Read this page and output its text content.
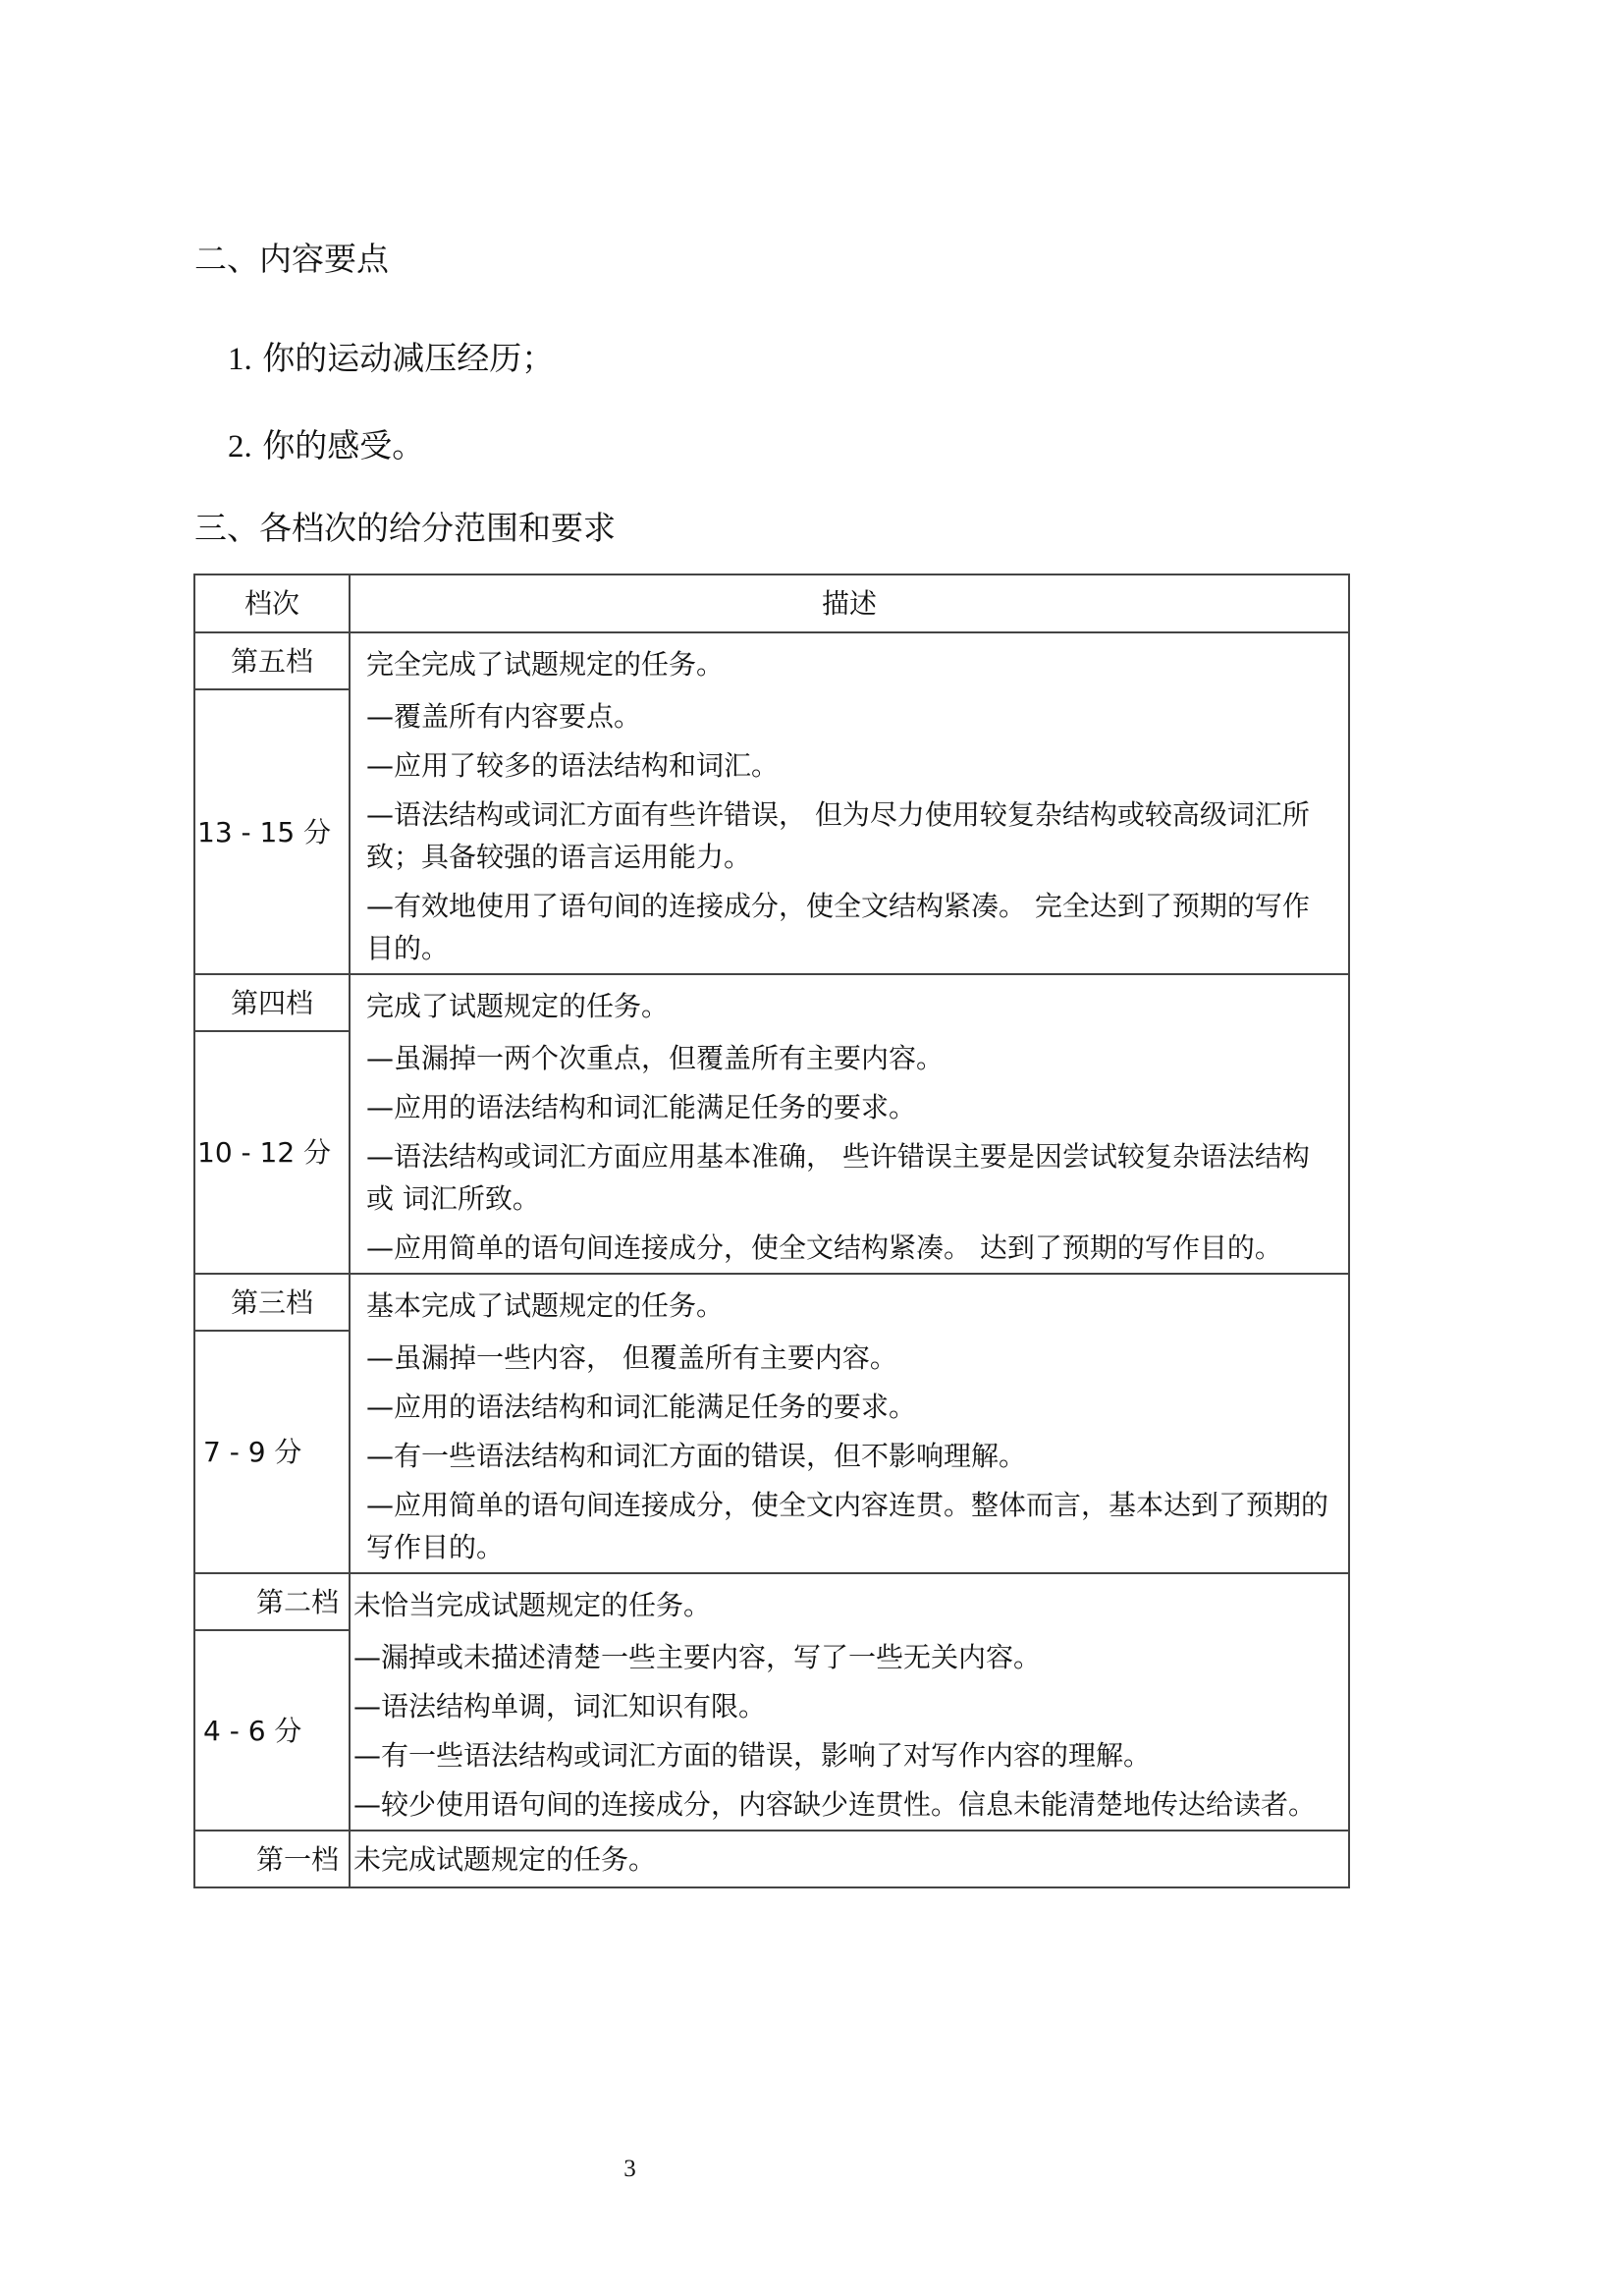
二、内容要点
1. 你的运动减压经历；
2. 你的感受。
三、各档次的给分范围和要求
档次	描述
第五档	完全完成了试题规定的任务。
13 - 15 分	—覆盖所有内容要点。
—应用了较多的语法结构和词汇。
—语法结构或词汇方面有些许错误， 但为尽力使用较复杂结构或较高级词汇所 致；具备较强的语言运用能力。
—有效地使用了语句间的连接成分，使全文结构紧凑。 完全达到了预期的写作目的。

第四档	完成了试题规定的任务。
10 - 12 分	—虽漏掉一两个次重点，但覆盖所有主要内容。
—应用的语法结构和词汇能满足任务的要求。
—语法结构或词汇方面应用基本准确， 些许错误主要是因尝试较复杂语法结构或 词汇所致。
—应用简单的语句间连接成分，使全文结构紧凑。 达到了预期的写作目的。

第三档	基本完成了试题规定的任务。
7 - 9 分	—虽漏掉一些内容， 但覆盖所有主要内容。
—应用的语法结构和词汇能满足任务的要求。
—有一些语法结构和词汇方面的错误，但不影响理解。
—应用简单的语句间连接成分，使全文内容连贯。整体而言，基本达到了预期的写作目的。

第二档	未恰当完成试题规定的任务。
4 - 6 分	—漏掉或未描述清楚一些主要内容，写了一些无关内容。
—语法结构单调，词汇知识有限。
—有一些语法结构或词汇方面的错误，影响了对写作内容的理解。
—较少使用语句间的连接成分，内容缺少连贯性。信息未能清楚地传达给读者。

第一档	未完成试题规定的任务。
3
